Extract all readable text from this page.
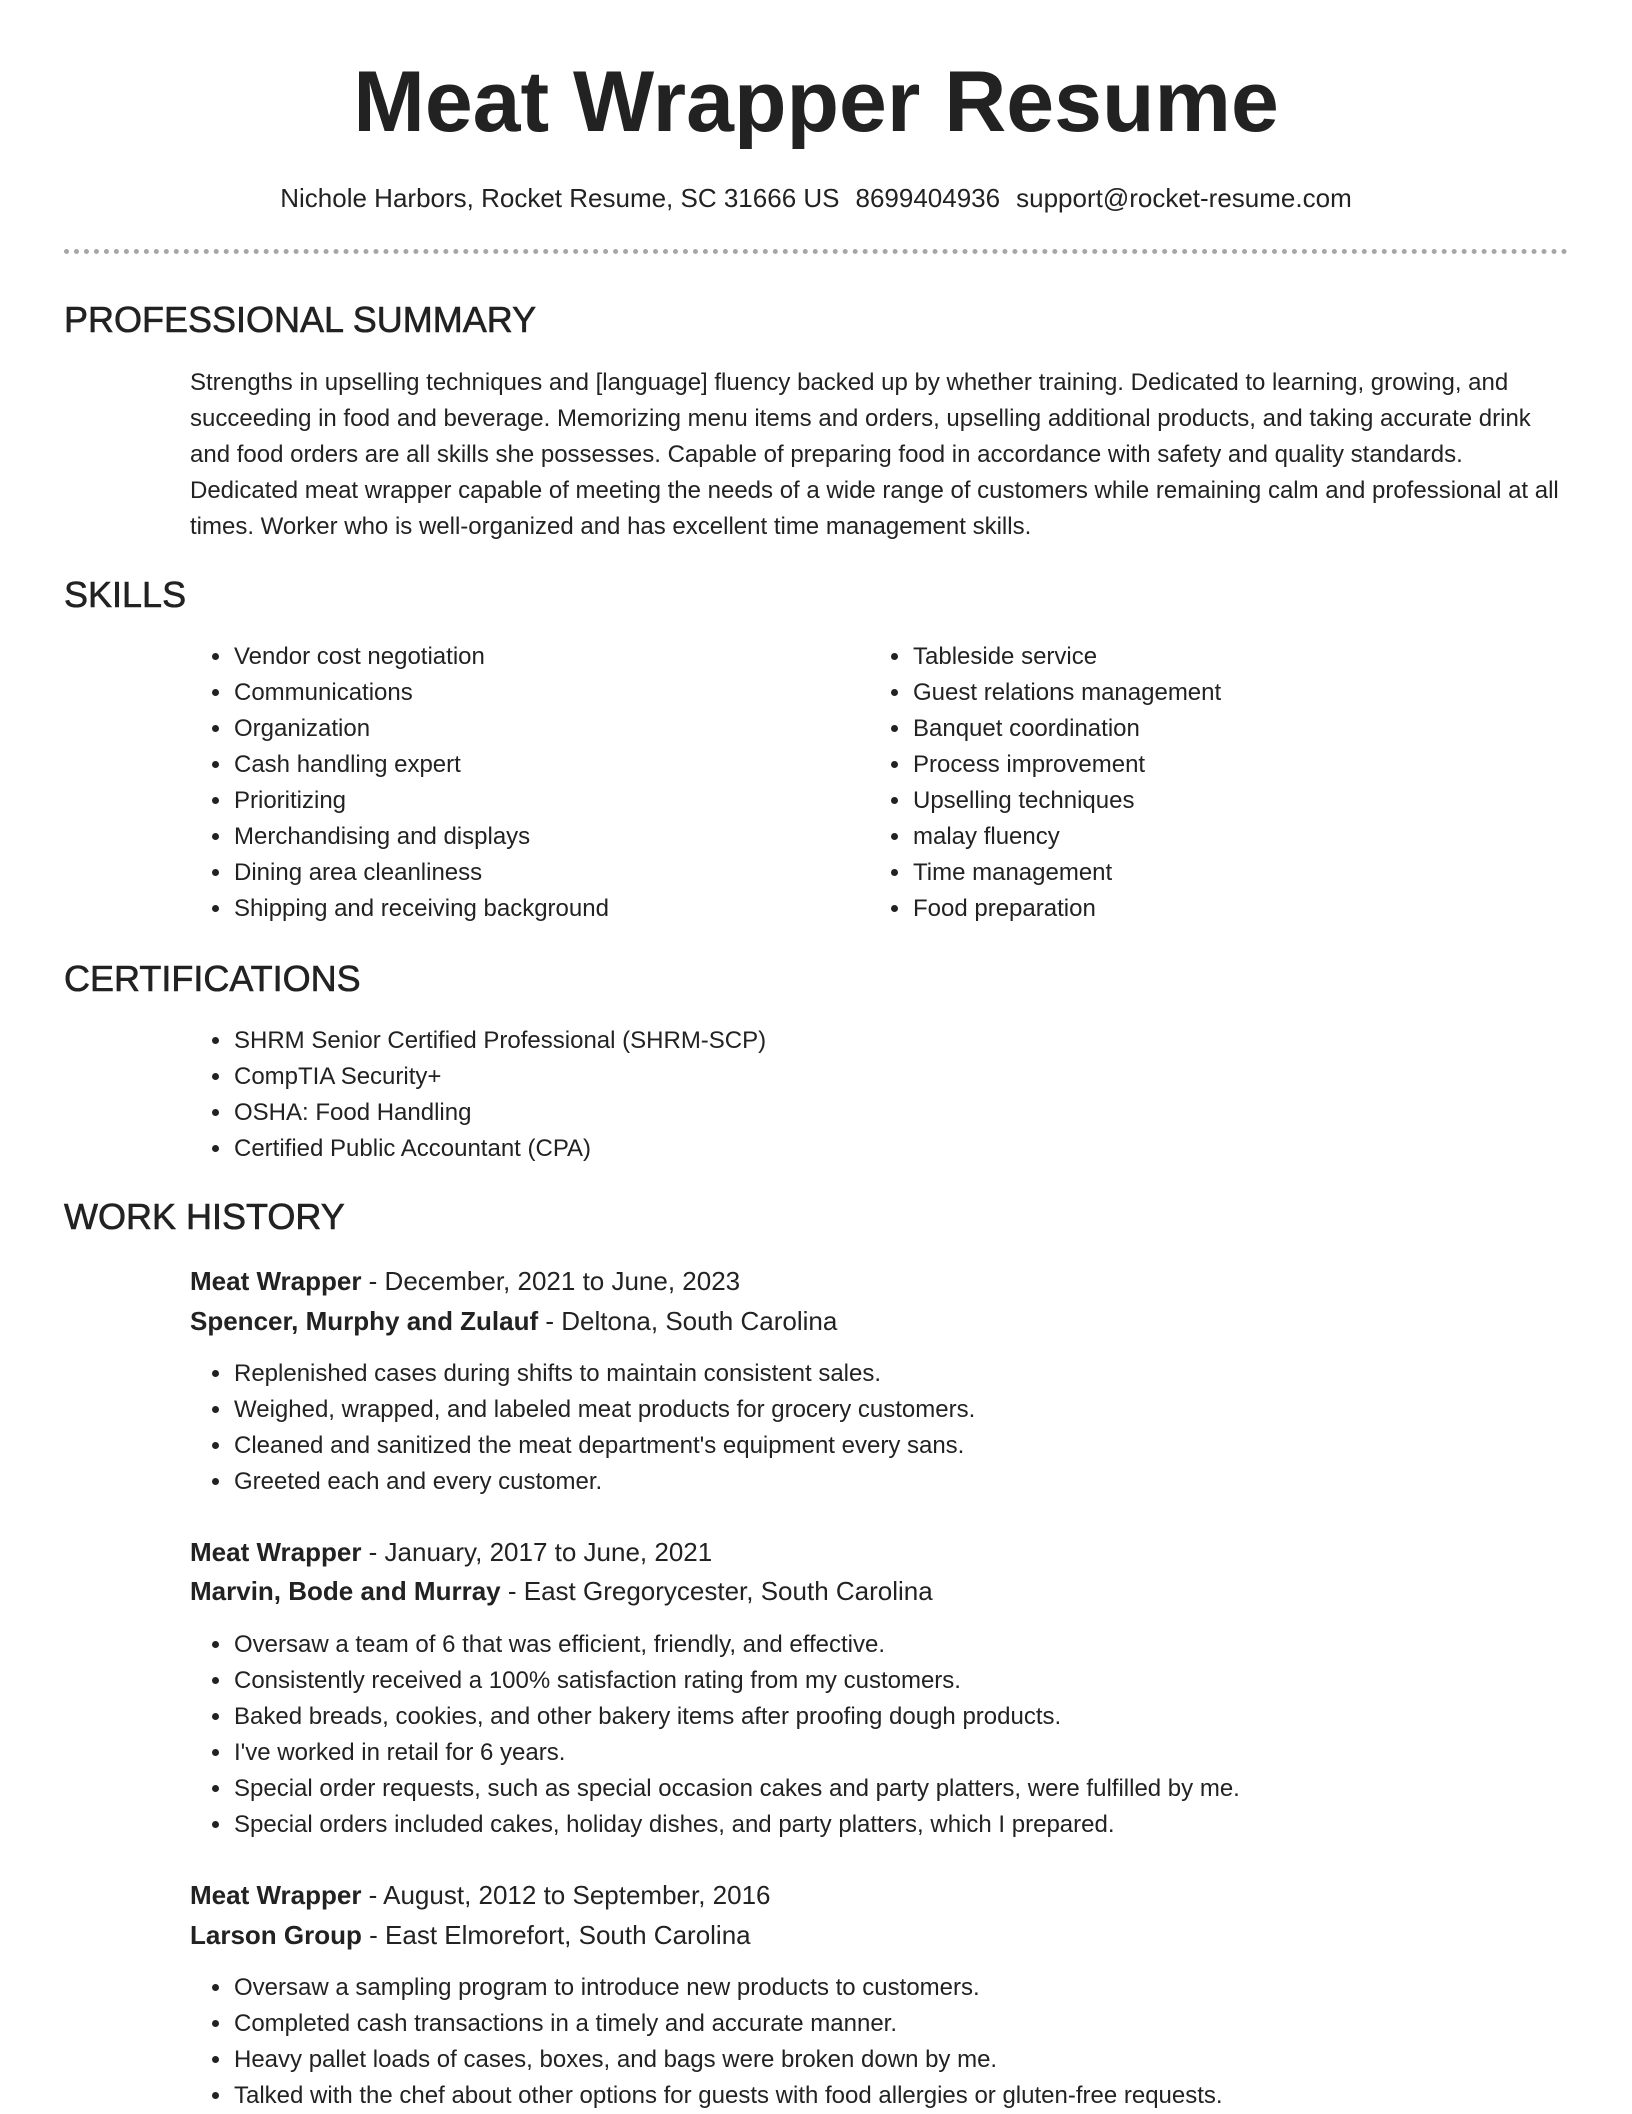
Meat Wrapper Resume
Nichole Harbors, Rocket Resume, SC 31666 US 8699404936 support@rocket-resume.com
PROFESSIONAL SUMMARY

Strengths in upselling techniques and [language] fluency backed up by whether training. Dedicated to learning, growing, and succeeding in food and beverage. Memorizing menu items and orders, upselling additional products, and taking accurate drink and food orders are all skills she possesses. Capable of preparing food in accordance with safety and quality standards. Dedicated meat wrapper capable of meeting the needs of a wide range of customers while remaining calm and professional at all times. Worker who is well-organized and has excellent time management skills.

SKILLS
• Vendor cost negotiation
• Communications
• Organization
• Cash handling expert
• Prioritizing
• Merchandising and displays
• Dining area cleanliness
• Shipping and receiving background
• Tableside service
• Guest relations management
• Banquet coordination
• Process improvement
• Upselling techniques
• malay fluency
• Time management
• Food preparation
CERTIFICATIONS
• SHRM Senior Certified Professional (SHRM-SCP)
• CompTIA Security+
• OSHA: Food Handling
• Certified Public Accountant (CPA)
WORK HISTORY
Meat Wrapper - December, 2021 to June, 2023
Spencer, Murphy and Zulauf - Deltona, South Carolina
• Replenished cases during shifts to maintain consistent sales.
• Weighed, wrapped, and labeled meat products for grocery customers.
• Cleaned and sanitized the meat department's equipment every sans.
• Greeted each and every customer.
Meat Wrapper - January, 2017 to June, 2021
Marvin, Bode and Murray - East Gregorycester, South Carolina
• Oversaw a team of 6 that was efficient, friendly, and effective.
• Consistently received a 100% satisfaction rating from my customers.
• Baked breads, cookies, and other bakery items after proofing dough products.
• I've worked in retail for 6 years.
• Special order requests, such as special occasion cakes and party platters, were fulfilled by me.
• Special orders included cakes, holiday dishes, and party platters, which I prepared.
Meat Wrapper - August, 2012 to September, 2016
Larson Group - East Elmorefort, South Carolina
• Oversaw a sampling program to introduce new products to customers.
• Completed cash transactions in a timely and accurate manner.
• Heavy pallet loads of cases, boxes, and bags were broken down by me.
• Talked with the chef about other options for guests with food allergies or gluten-free requests.
